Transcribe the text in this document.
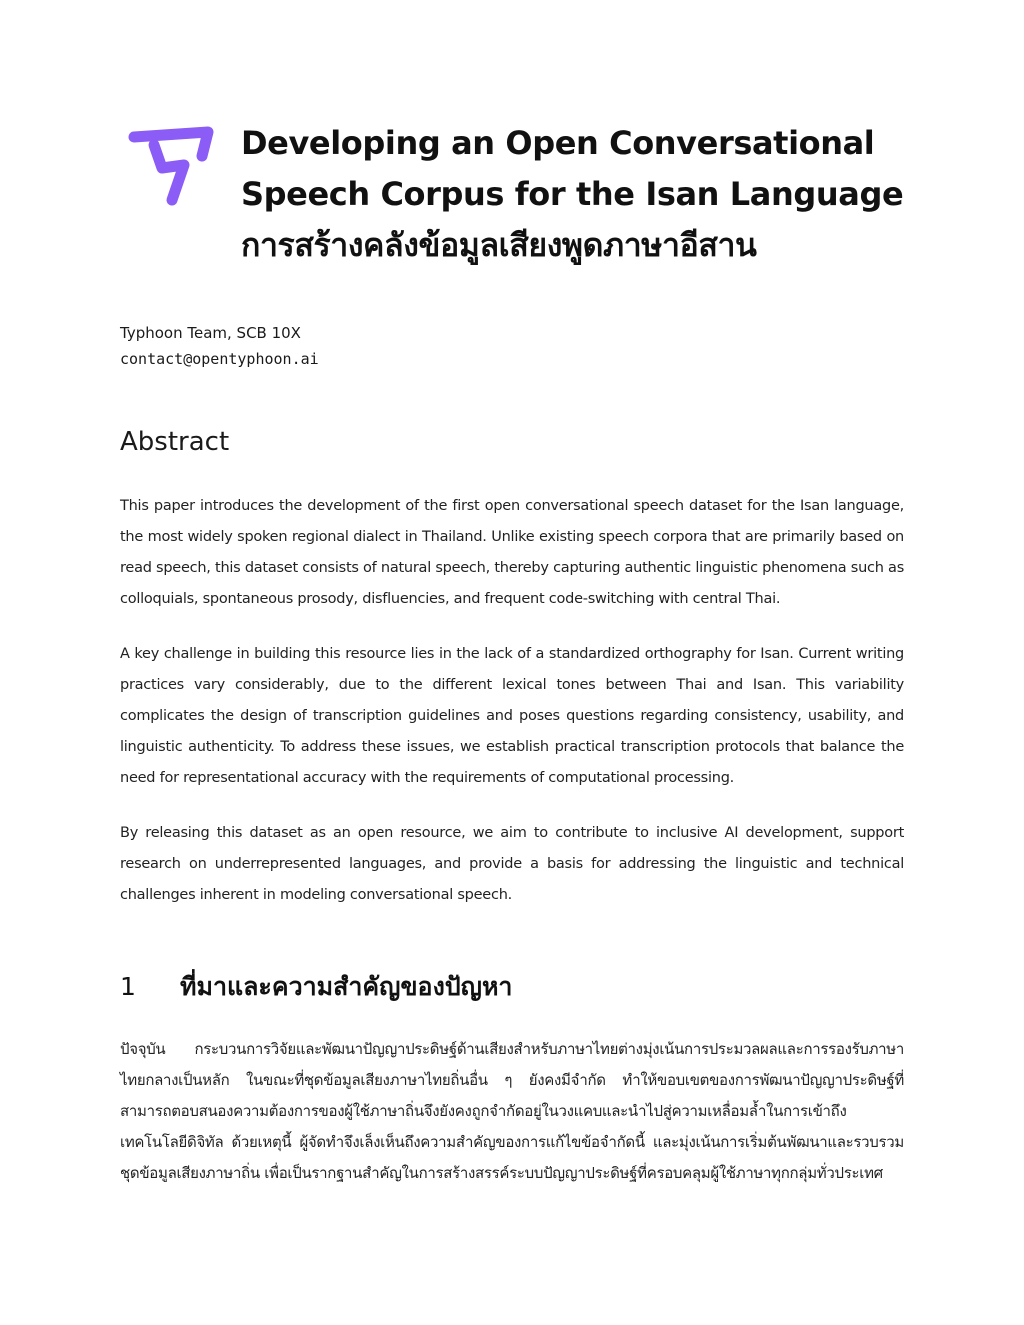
Developing an Open Conversational
Speech Corpus for the Isan Language
การสร้างคลังข้อมูลเสียงพูดภาษาอีสาน
Typhoon Team, SCB 10X
contact@opentyphoon.ai
Abstract

This paper introduces the development of the first open conversational speech dataset for the Isan language, the most widely spoken regional dialect in Thailand. Unlike existing speech corpora that are primarily based on read speech, this dataset consists of natural speech, thereby capturing authentic linguistic phenomena such as colloquials, spontaneous prosody, disfluencies, and frequent code-switching with central Thai.

A key challenge in building this resource lies in the lack of a standardized orthography for Isan. Current writing practices vary considerably, due to the different lexical tones between Thai and Isan. This variability complicates the design of transcription guidelines and poses questions regarding consistency, usability, and linguistic authenticity. To address these issues, we establish practical transcription protocols that balance the need for representational accuracy with the requirements of computational processing.

By releasing this dataset as an open resource, we aim to contribute to inclusive AI development, support research on underrepresented languages, and provide a basis for addressing the linguistic and technical challenges inherent in modeling conversational speech.

1 ที่มาและความสำคัญของปัญหา

ปัจจุบัน กระบวนการวิจัยและพัฒนาปัญญาประดิษฐ์ด้านเสียงสำหรับภาษาไทยต่างมุ่งเน้นการประมวลผลและการรองรับภาษาไทยกลางเป็นหลัก ในขณะที่ชุดข้อมูลเสียงภาษาไทยถิ่นอื่น ๆ ยังคงมีจำกัด ทำให้ขอบเขตของการพัฒนาปัญญาประดิษฐ์ที่สามารถตอบสนองความต้องการของผู้ใช้ภาษาถิ่นจึงยังคงถูกจำกัดอยู่ในวงแคบและนำไปสู่ความเหลื่อมล้ำในการเข้าถึงเทคโนโลยีดิจิทัล ด้วยเหตุนี้ ผู้จัดทำจึงเล็งเห็นถึงความสำคัญของการแก้ไขข้อจำกัดนี้ และมุ่งเน้นการเริ่มต้นพัฒนาและรวบรวมชุดข้อมูลเสียงภาษาถิ่น เพื่อเป็นรากฐานสำคัญในการสร้างสรรค์ระบบปัญญาประดิษฐ์ที่ครอบคลุมผู้ใช้ภาษาทุกกลุ่มทั่วประเทศ
